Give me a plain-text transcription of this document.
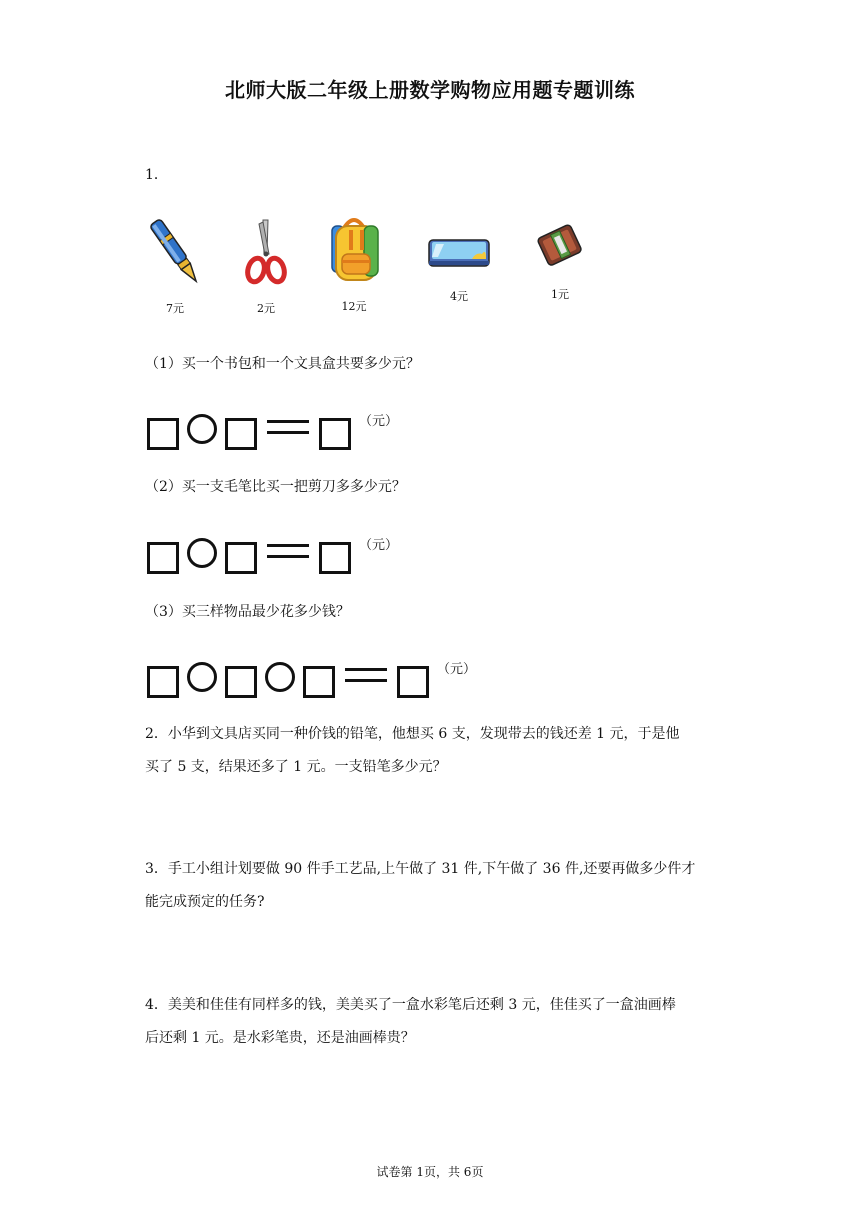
北师大版二年级上册数学购物应用题专题训练
1．
7元	2元	12元
4元	1元
（1）买一个书包和一个文具盒共要多少元？
（元）
（2）买一支毛笔比买一把剪刀多多少元？
（元）
（3）买三样物品最少花多少钱？
（元）
2．小华到文具店买同一种价钱的铅笔，他想买 6 支，发现带去的钱还差 1 元，于是他
买了 5 支，结果还多了 1 元。一支铅笔多少元？
3．手工小组计划要做 90 件手工艺品,上午做了 31 件,下午做了 36 件,还要再做多少件才
能完成预定的任务?
4．美美和佳佳有同样多的钱，美美买了一盒水彩笔后还剩 3 元，佳佳买了一盒油画棒
后还剩 1 元。是水彩笔贵，还是油画棒贵？
试卷第 1页，共 6页
